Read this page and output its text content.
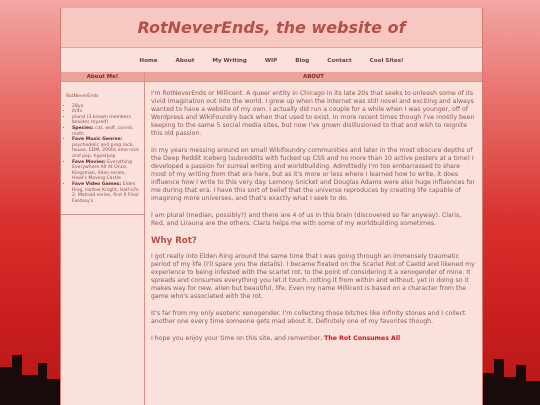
RotNeverEnds, the website of
Home	About	My Writing	WIP	Blog	Contact	Cool Sites!
About Me!
RotNeverEnds
• 28yo
• it/its
• plural (3 known members besides myself)
• Species: cat, wolf, corvid, moth
• Fave Music Genres: psychedelic and prog rock, house, EDM, 2000s emo rock and pop, hyperpop
• Fave Movies: Everything Everywhere All At Once, Kingsman, Alien series, Howl's Moving Castle
• Fave Video Games: Elden Ring, Hollow Knight, Half-Life 2, Metroid series, first 6 Final Fantasy's
ABOUT

I'm RotNeverEnds or Millicent. A queer entity in Chicago in its late 20s that seeks to unleash some of its vivid imagination out into the world. I grew up when the internet was still novel and exciting and always wanted to have a website of my own. I actually did run a couple for a while when I was younger, off of Wordpress and WikiFoundry back when that used to exist. In more recent times though I've mostly been keeping to the same 5 social media sites, but now I've grown disillusioned to that and wish to reignite this old passion.

In my years messing around on small Wikifoundry communities and later in the most obscure depths of the Deep Reddit Iceberg (subreddits with fucked up CSS and no more than 10 active posters at a time) I developed a passion for surreal writing and worldbuilding. Admittedly I'm too embarrassed to share most of my writing from that era here, but as it's more or less where I learned how to write, it does influence how I write to this very day. Lemony Snicket and Douglas Adams were also huge influences for me during that era. I have this sort of belief that the universe reproduces by creating life capable of imagining more universes, and that's exactly what I seek to do.

I am plural (median, possibly?) and there are 4 of us in this brain (discovered so far anyway). Claris, Red, and Lirauna are the others. Claris helps me with some of my worldbuilding sometimes.

Why Rot?

I got really into Elden Ring around the same time that I was going through an immensely traumatic period of my life (I'll spare you the details). I became fixated on the Scarlet Rot of Caelid and likened my experience to being infested with the scarlet rot, to the point of considering it a xenogender of mine. It spreads and consumes everything you let it touch, rotting it from within and without, yet in doing so it makes way for new, alien but beautiful, life. Even my name Millicent is based on a character from the game who's associated with the rot.

It's far from my only esoteric xenogender. I'm collecting those bitches like infinity stones and I collect another one every time someone gets mad about it. Definitely one of my favorites though.

I hope you enjoy your time on this site, and remember, The Rot Consumes All
